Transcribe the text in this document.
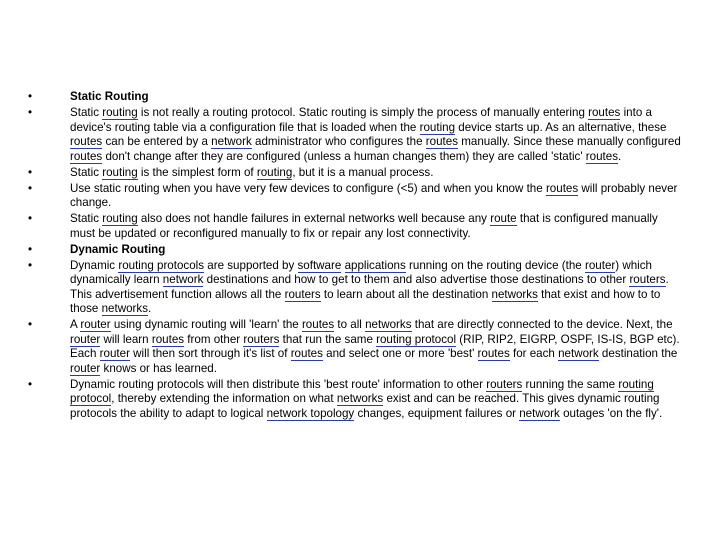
•	Static Routing
•	Static routing is not really a routing protocol. Static routing is simply the process of manually entering routes into a device's routing table via a configuration file that is loaded when the routing device starts up. As an alternative, these routes can be entered by a network administrator who configures the routes manually. Since these manually configured routes don't change after they are configured (unless a human changes them) they are called 'static' routes.
•	Static routing is the simplest form of routing, but it is a manual process.
•	Use static routing when you have very few devices to configure (<5) and when you know the routes will probably never change.
•	Static routing also does not handle failures in external networks well because any route that is configured manually must be updated or reconfigured manually to fix or repair any lost connectivity.
•	Dynamic Routing
•	Dynamic routing protocols are supported by software applications running on the routing device (the router) which dynamically learn network destinations and how to get to them and also advertise those destinations to other routers. This advertisement function allows all the routers to learn about all the destination networks that exist and how to to those networks.
•	A router using dynamic routing will 'learn' the routes to all networks that are directly connected to the device. Next, the router will learn routes from other routers that run the same routing protocol (RIP, RIP2, EIGRP, OSPF, IS-IS, BGP etc). Each router will then sort through it's list of routes and select one or more 'best' routes for each network destination the router knows or has learned.
•	Dynamic routing protocols will then distribute this 'best route' information to other routers running the same routing protocol, thereby extending the information on what networks exist and can be reached. This gives dynamic routing protocols the ability to adapt to logical network topology changes, equipment failures or network outages 'on the fly'.
